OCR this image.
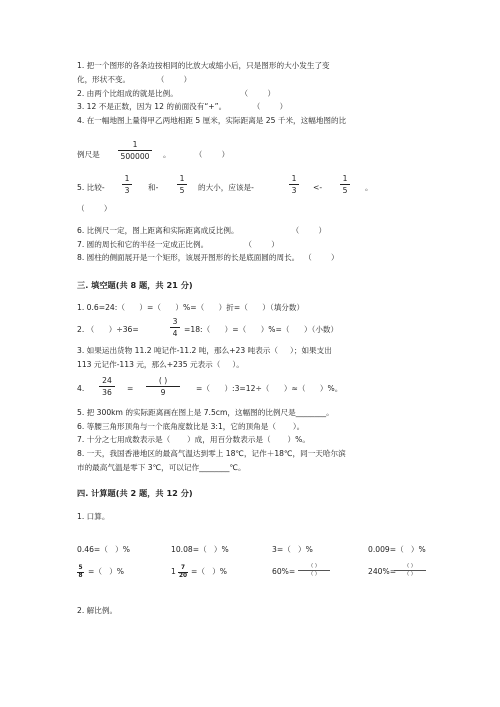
1. 把一个图形的各条边按相同的比放大或缩小后，只是图形的大小发生了变
化，形状不变。           （        ）
2. 由两个比组成的就是比例。                          （        ）
3. 12 不是正数，因为 12 的前面没有“+”。           （        ）
4. 在一幅地图上量得甲乙两地相距 5 厘米，实际距离是 25 千米，这幅地图的比
例尺是
1
500000	。          （        ）
5. 比较-
1
3	和-
1
5	的大小，应该是-
1
3	<-
1
5	。
（        ）
6. 比例尺一定，图上距离和实际距离成反比例。                      （        ）
7. 圆的周长和它的半径一定成正比例。               （        ）
8. 圆柱的侧面展开是一个矩形，该展开图形的长是底面圆的周长。  （        ）
三. 填空题(共 8 题，共 21 分)
1. 0.6=24:（      ）=（      ）%=（      ）折=（      ）（填分数）
2. （      ）÷36=
3
4 =18:（      ）=（      ）%=（      ）（小数）
3. 如果运出货物 11.2 吨记作-11.2 吨，那么+23 吨表示（     ）；如果支出
113 元记作-113 元，那么+235 元表示（     ）。
4.
24
36	=
( )
9	=（      ）:3=12÷（      ）≈（      ）%。
5. 把 300km 的实际距离画在图上是 7.5cm，这幅图的比例尺是________。
6. 等腰三角形顶角与一个底角度数比是 3:1，它的顶角是（       ）。
7. 十分之七用成数表示是（       ）成，用百分数表示是（       ）%。
8. 一天，我国香港地区的最高气温达到零上 18℃，记作＋18℃，同一天哈尔滨
市的最高气温是零下 3℃，可以记作________℃。
四. 计算题(共 2 题，共 12 分)
1. 口算。
0.46=（   ）%	10.08=（   ）%	3=（   ）%	0.009=（   ）%
5
8 =（   ）%	1 7
20 =（   ）%	60%=
( )
( )	240%=
( )
( )
2. 解比例。
